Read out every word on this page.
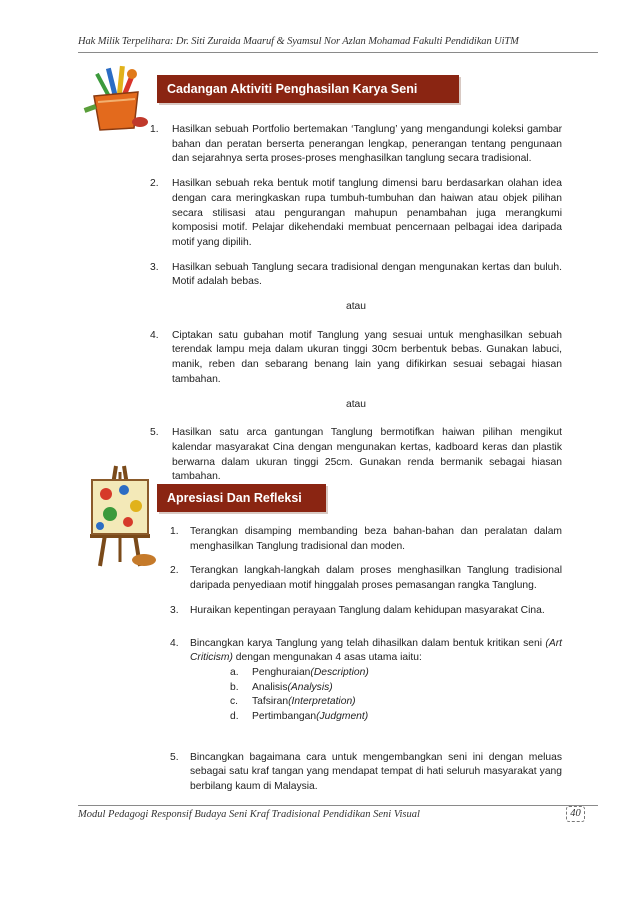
Hak Milik Terpelihara: Dr. Siti Zuraida Maaruf & Syamsul Nor Azlan Mohamad Fakulti Pendidikan UiTM
Cadangan Aktiviti Penghasilan Karya Seni
1.	Hasilkan sebuah Portfolio bertemakan ‘Tanglung’ yang mengandungi koleksi gambar bahan dan peratan berserta penerangan lengkap, penerangan tentang pengunaan dan sejarahnya serta proses-proses menghasilkan tanglung secara tradisional.
2.	Hasilkan sebuah reka bentuk motif tanglung dimensi baru berdasarkan olahan idea dengan cara meringkaskan rupa tumbuh-tumbuhan dan haiwan atau objek pilihan secara stilisasi atau pengurangan mahupun penambahan juga merangkumi komposisi motif. Pelajar dikehendaki membuat pencernaan pelbagai idea daripada motif yang dipilih.
3.	Hasilkan sebuah Tanglung secara tradisional dengan mengunakan kertas dan buluh. Motif adalah bebas.
atau
4.	Ciptakan satu gubahan motif Tanglung yang sesuai untuk menghasilkan sebuah terendak lampu meja dalam ukuran tinggi 30cm berbentuk bebas. Gunakan labuci, manik, reben dan sebarang benang lain yang difikirkan sesuai sebagai hiasan tambahan.
atau
5.	Hasilkan satu arca gantungan Tanglung bermotifkan haiwan pilihan mengikut kalendar masyarakat Cina dengan mengunakan kertas, kadboard keras dan plastik berwarna dalam ukuran tinggi 25cm. Gunakan renda bermanik sebagai hiasan tambahan.
Apresiasi Dan Refleksi
1.	Terangkan disamping membanding beza bahan-bahan dan peralatan dalam menghasilkan Tanglung tradisional dan moden.
2.	Terangkan langkah-langkah dalam proses menghasilkan Tanglung tradisional daripada penyediaan motif hinggalah proses pemasangan rangka Tanglung.
3.	Huraikan kepentingan perayaan Tanglung dalam kehidupan masyarakat Cina.
4.	Bincangkan karya Tanglung yang telah dihasilkan dalam bentuk kritikan seni (Art Criticism) dengan mengunakan 4 asas utama iaitu:
a.	Penghuraian (Description)
b.	Analisis (Analysis)
c.	Tafsiran (Interpretation)
d.	Pertimbangan (Judgment)
5.	Bincangkan bagaimana cara untuk mengembangkan seni ini dengan meluas sebagai satu kraf tangan yang mendapat tempat di hati seluruh masyarakat yang berbilang kaum di Malaysia.
Modul Pedagogi Responsif Budaya Seni Kraf Tradisional Pendidikan Seni Visual	40
